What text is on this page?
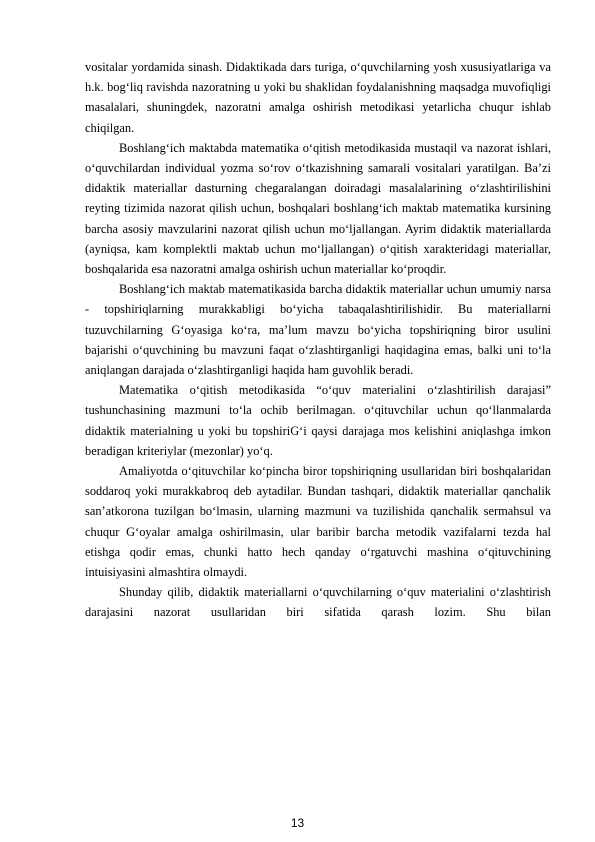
vositalar yordamida sinash. Didaktikada dars turiga, o‘quvchilarning yosh xususiyatlariga va h.k. bog‘liq ravishda nazoratning u yoki bu shaklidan foydalanishning maqsadga muvofiqligi masalalari, shuningdek, nazoratni amalga oshirish metodikasi yetarlicha chuqur ishlab chiqilgan.

Boshlang‘ich maktabda matematika o‘qitish metodikasida mustaqil va nazorat ishlari, o‘quvchilardan individual yozma so‘rov o‘tkazishning samarali vositalari yaratilgan. Ba’zi didaktik materiallar dasturning chegaralangan doiradagi masalalarining o‘zlashtirilishini reyting tizimida nazorat qilish uchun, boshqalari boshlang‘ich maktab matematika kursining barcha asosiy mavzularini nazorat qilish uchun mo‘ljallangan. Ayrim didaktik materiallarda (ayniqsa, kam komplektli maktab uchun mo‘ljallangan) o‘qitish xarakteridagi materiallar, boshqalarida esa nazoratni amalga oshirish uchun materiallar ko‘proqdir.

Boshlang‘ich maktab matematikasida barcha didaktik materiallar uchun umumiy narsa - topshiriqlarning murakkabligi bo‘yicha tabaqalashtirilishidir. Bu materiallarni tuzuvchilarning G‘oyasiga ko‘ra, ma’lum mavzu bo‘yicha topshiriqning biror usulini bajarishi o‘quvchining bu mavzuni faqat o‘zlashtirganligi haqidagina emas, balki uni to‘la aniqlangan darajada o‘zlashtirganligi haqida ham guvohlik beradi.

Matematika o‘qitish metodikasida “o‘quv materialini o‘zlashtirilish darajasi” tushunchasining mazmuni to‘la ochib berilmagan. o‘qituvchilar uchun qo‘llanmalarda didaktik materialning u yoki bu topshiriG‘i qaysi darajaga mos kelishini aniqlashga imkon beradigan kriteriylar (mezonlar) yo‘q.

Amaliyotda o‘qituvchilar ko‘pincha biror topshiriqning usullaridan biri boshqalaridan soddaroq yoki murakkabroq deb aytadilar. Bundan tashqari, didaktik materiallar qanchalik san’atkorona tuzilgan bo‘lmasin, ularning mazmuni va tuzilishida qanchalik sermahsul va chuqur G‘oyalar amalga oshirilmasin, ular baribir barcha metodik vazifalarni tezda hal etishga qodir emas, chunki hatto hech qanday o‘rgatuvchi mashina o‘qituvchining intuisiyasini almashtira olmaydi.

Shunday qilib, didaktik materiallarni o‘quvchilarning o‘quv materialini o‘zlashtirish darajasini nazorat usullaridan biri sifatida qarash lozim. Shu bilan

13
